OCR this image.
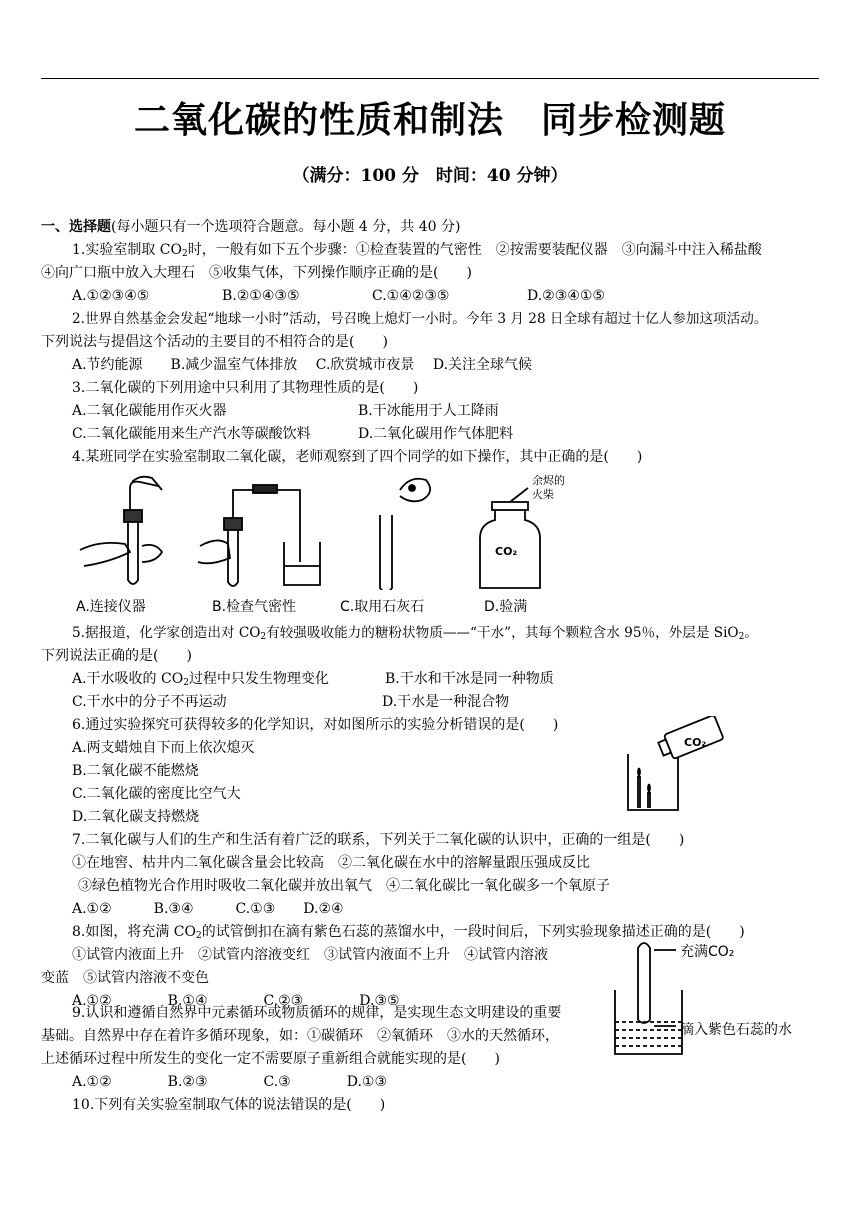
二氧化碳的性质和制法　同步检测题
（满分：100 分　时间：40 分钟）
一、选择题(每小题只有一个选项符合题意。每小题 4 分，共 40 分)
1.实验室制取 $CO_2$时，一般有如下五个步骤：①检查装置的气密性　②按需要装配仪器　③向漏斗中注入稀盐酸
④向广口瓶中放入大理石　⑤收集气体，下列操作顺序正确的是(　　)
A.①②③④⑤	B.②①④③⑤	C.①④②③⑤	D.②③④①⑤
2.世界自然基金会发起“地球一小时”活动，号召晚上熄灯一小时。今年 3 月 28 日全球有超过十亿人参加这项活动。
下列说法与提倡这个活动的主要目的不相符合的是(　　)
A.节约能源　　B.减少温室气体排放　 C.欣赏城市夜景　 D.关注全球气候
3.二氧化碳的下列用途中只利用了其物理性质的是(　　)
A.二氧化碳能用作灭火器	B.干冰能用于人工降雨
C.二氧化碳能用来生产汽水等碳酸饮料	D.二氧化碳用作气体肥料
4.某班同学在实验室制取二氧化碳，老师观察到了四个同学的如下操作，其中正确的是(　　)
CO₂
余烬的
火柴
A.连接仪器	B.检查气密性	C.取用石灰石	D.验满
5.据报道，化学家创造出对 $CO_2$有较强吸收能力的糖粉状物质——“干水”，其每个颗粒含水 95％，外层是 SiO$_2$。
下列说法正确的是(　　)
A.干水吸收的 $CO_2$过程中只发生物理变化	B.干水和干冰是同一种物质
C.干水中的分子不再运动	D.干水是一种混合物
6.通过实验探究可获得较多的化学知识，对如图所示的实验分析错误的是(　　)
A.两支蜡烛自下而上依次熄灭
B.二氧化碳不能燃烧
C.二氧化碳的密度比空气大
D.二氧化碳支持燃烧
CO₂
7.二氧化碳与人们的生产和生活有着广泛的联系，下列关于二氧化碳的认识中，正确的一组是(　　)
①在地窖、枯井内二氧化碳含量会比较高　②二氧化碳在水中的溶解量跟压强成反比
③绿色植物光合作用时吸收二氧化碳并放出氧气　④二氧化碳比一氧化碳多一个氧原子
A.①②　　　B.③④　　　C.①③　　D.②④
8.如图，将充满 $CO_2$的试管倒扣在滴有紫色石蕊的蒸馏水中，一段时间后，下列实验现象描述正确的是(　　)
①试管内液面上升　②试管内溶液变红　③试管内液面不上升　④试管内溶液
变蓝　⑤试管内溶液不变色
A.①②　　　　B.①④　　　　C.②③　　　　D.③⑤
充满CO₂
滴入紫色石蕊的水
9.认识和遵循自然界中元素循环或物质循环的规律，是实现生态文明建设的重要
基础。自然界中存在着许多循环现象，如：①碳循环　②氧循环　③水的天然循环，
上述循环过程中所发生的变化一定不需要原子重新组合就能实现的是(　　)
A.①②　　　　B.②③　　　　C.③　　　　D.①③
10.下列有关实验室制取气体的说法错误的是(　　)
